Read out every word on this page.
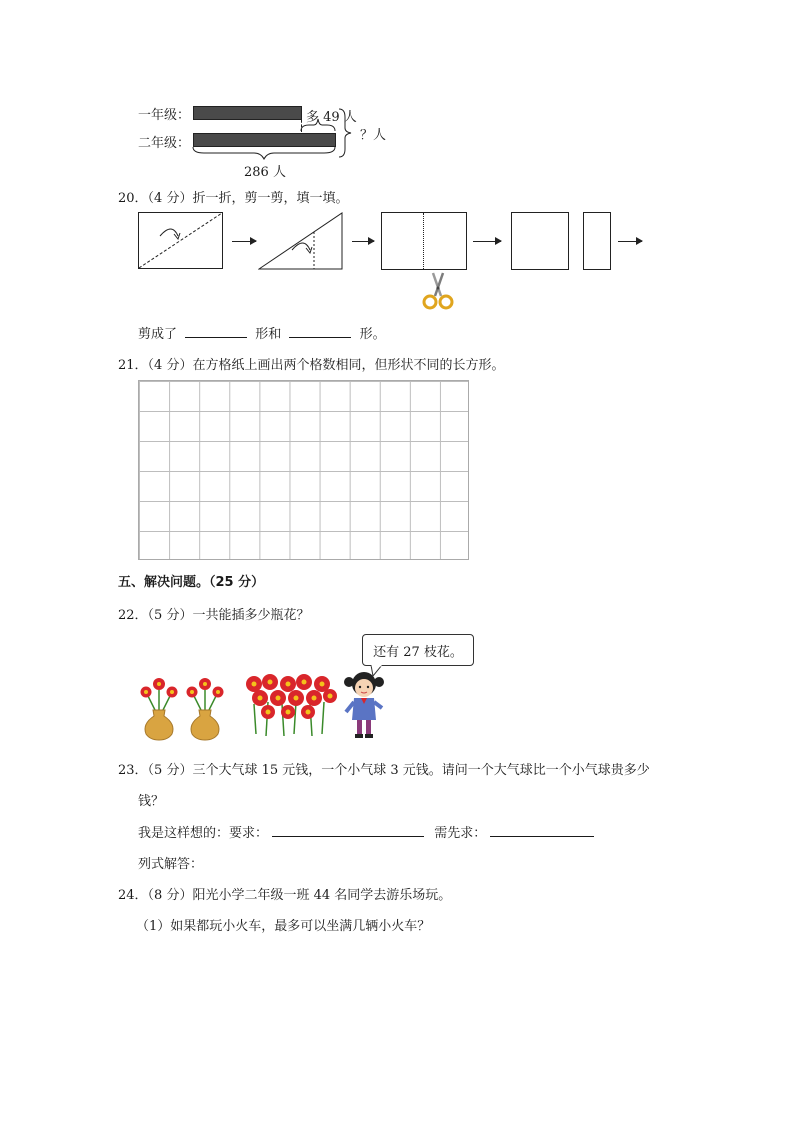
一年级：
二年级：
多 49 人
？人
286 人
20．（4 分）折一折，剪一剪，填一填。
剪成了	形和	形。
21．（4 分）在方格纸上画出两个格数相同，但形状不同的长方形。
五、解决问题。（25 分）
22．（5 分）一共能插多少瓶花？
还有 27 枝花。
23．（5 分）三个大气球 15 元钱，一个小气球 3 元钱。请问一个大气球比一个小气球贵多少
钱？
我是这样想的：要求：	需先求：
列式解答：
24．（8 分）阳光小学二年级一班 44 名同学去游乐场玩。
（1）如果都玩小火车，最多可以坐满几辆小火车？
